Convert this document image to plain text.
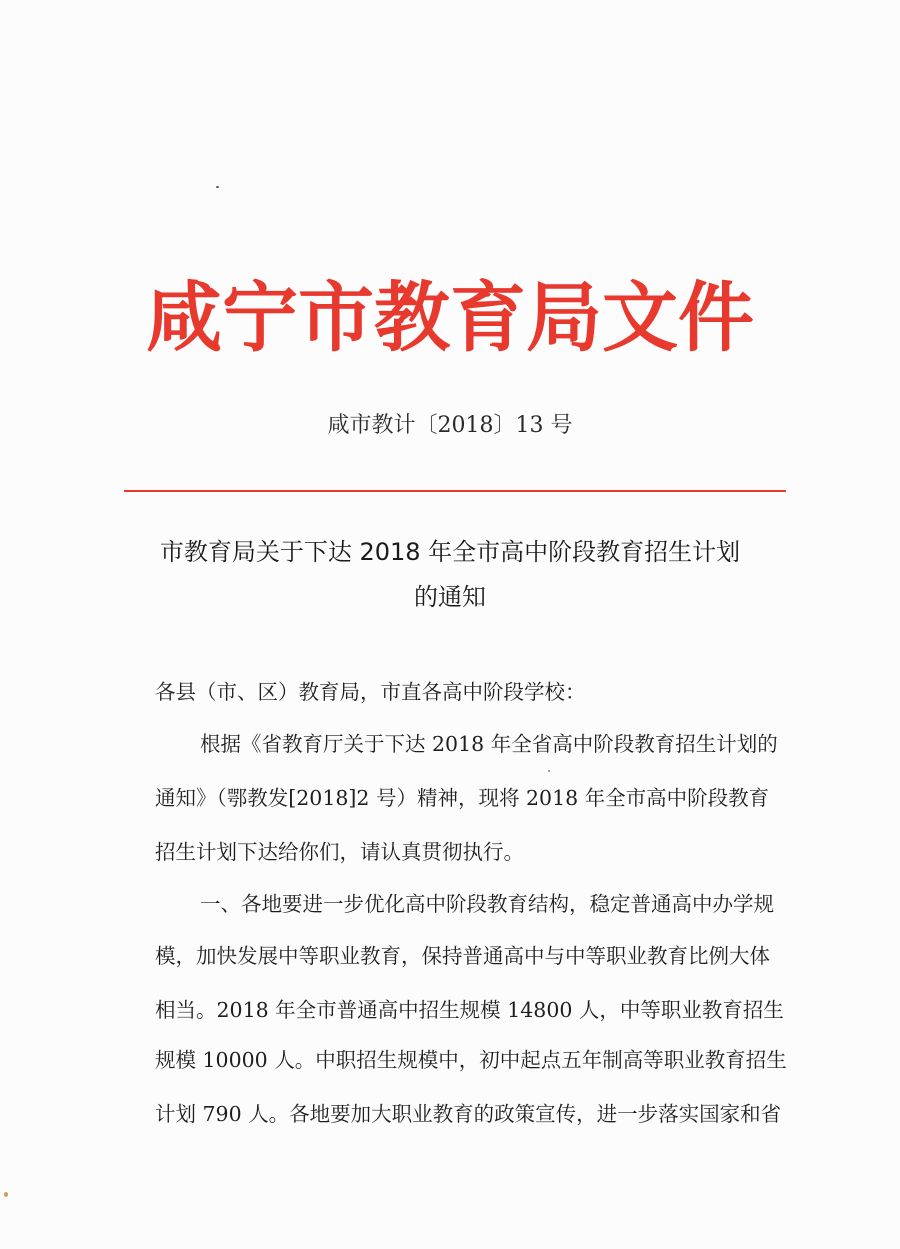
咸宁市教育局文件
咸市教计〔2018〕13 号
市教育局关于下达 2018 年全市高中阶段教育招生计划
的通知
各县（市、区）教育局，市直各高中阶段学校：
根据《省教育厅关于下达 2018 年全省高中阶段教育招生计划的
通知》（鄂教发[2018]2 号）精神，现将 2018 年全市高中阶段教育
招生计划下达给你们，请认真贯彻执行。
一、各地要进一步优化高中阶段教育结构，稳定普通高中办学规
模，加快发展中等职业教育，保持普通高中与中等职业教育比例大体
相当。2018 年全市普通高中招生规模 14800 人，中等职业教育招生
规模 10000 人。中职招生规模中，初中起点五年制高等职业教育招生
计划 790 人。各地要加大职业教育的政策宣传，进一步落实国家和省
